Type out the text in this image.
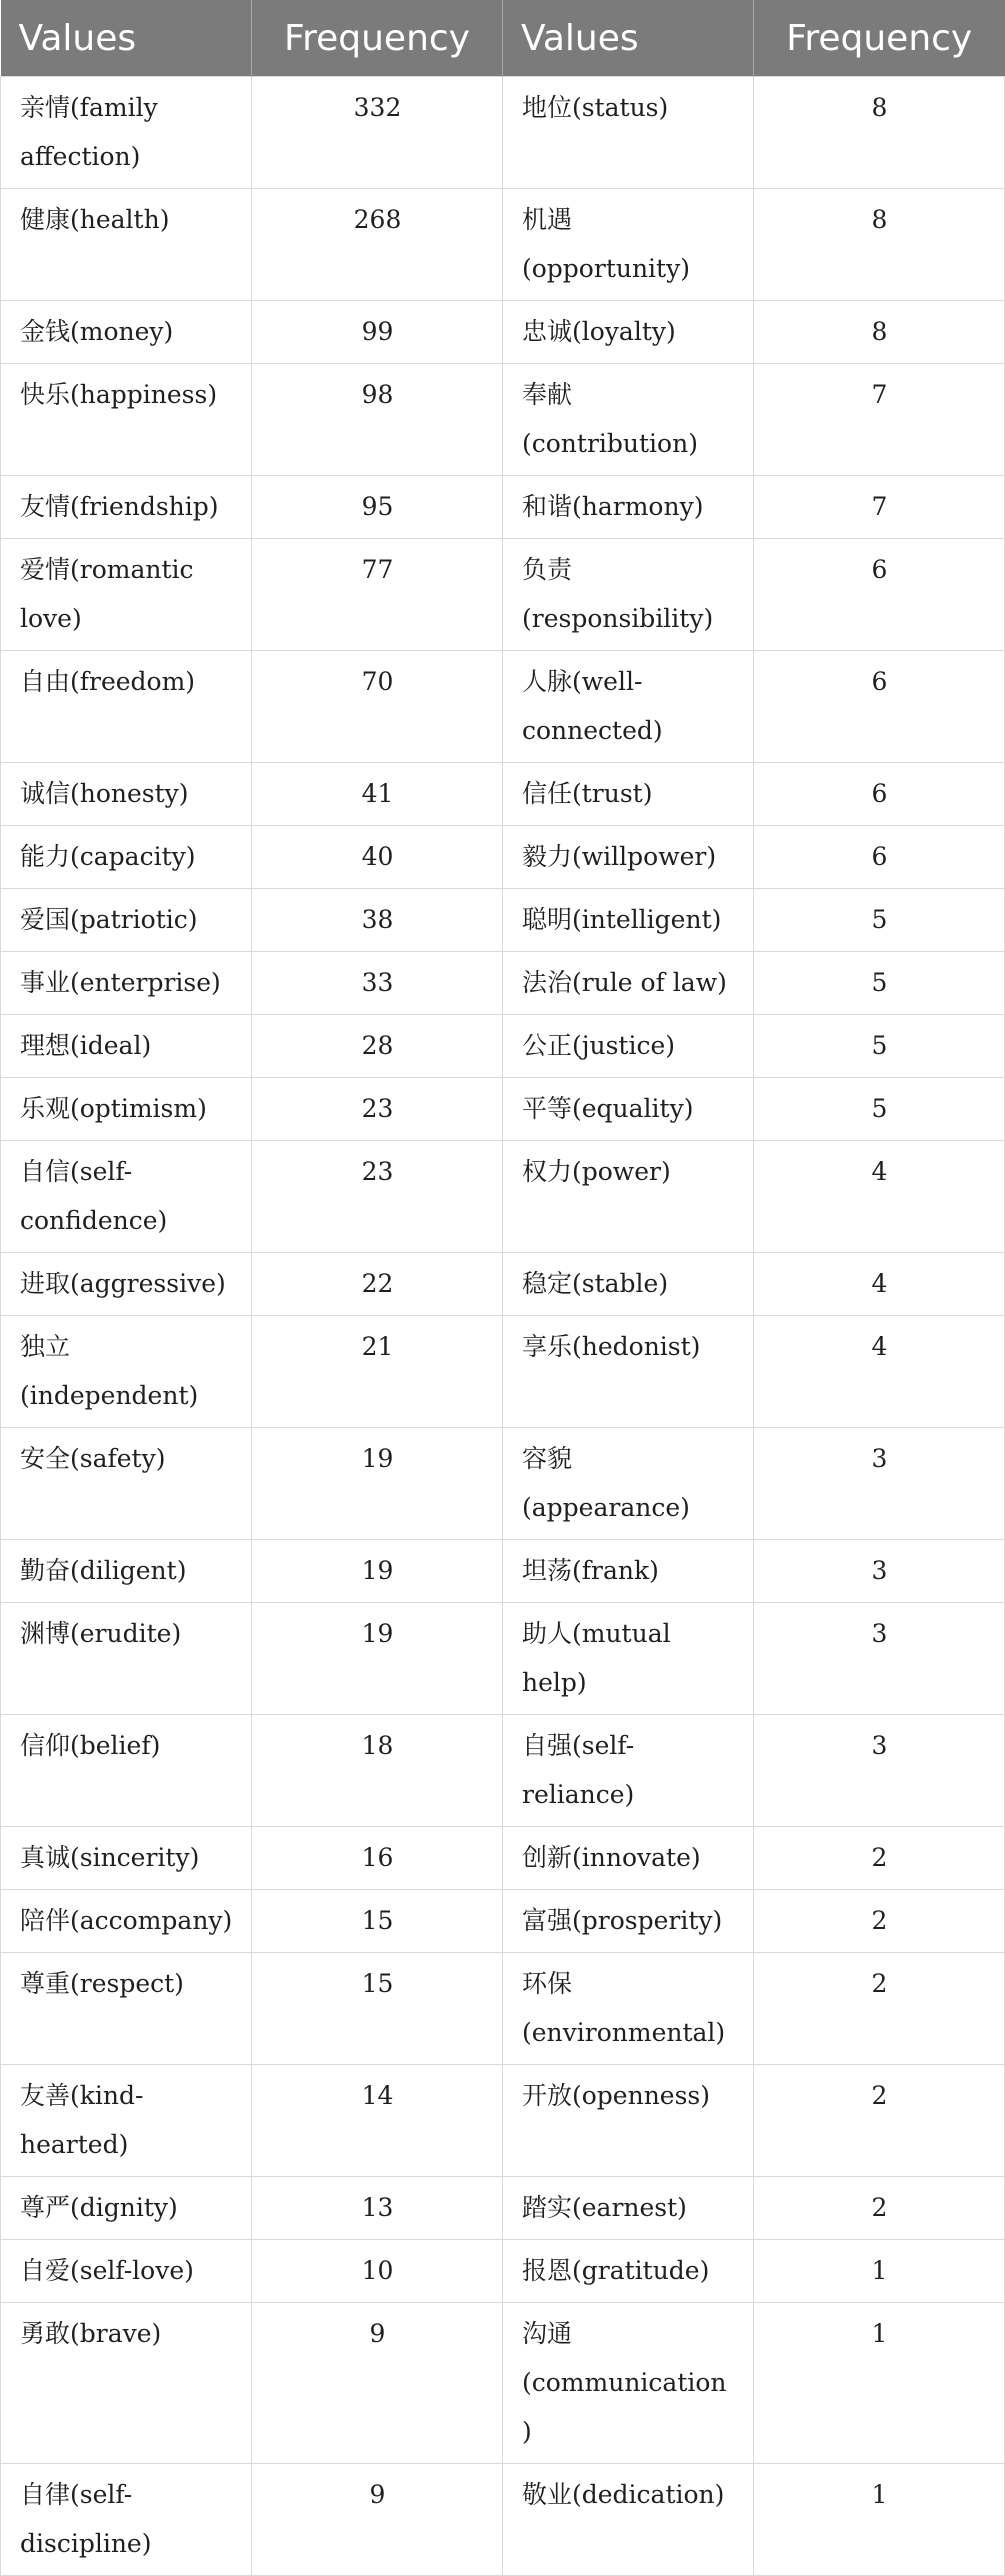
Values	Frequency	Values	Frequency
亲情(family affection)	332	地位(status)	8
健康(health)	268	机遇(opportunity)	8
金钱(money)	99	忠诚(loyalty)	8
快乐(happiness)	98	奉献(contribution)	7
友情(friendship)	95	和谐(harmony)	7
爱情(romantic love)	77	负责(responsibility)	6
自由(freedom)	70	人脉(well-connected)	6
诚信(honesty)	41	信任(trust)	6
能力(capacity)	40	毅力(willpower)	6
爱国(patriotic)	38	聪明(intelligent)	5
事业(enterprise)	33	法治(rule of law)	5
理想(ideal)	28	公正(justice)	5
乐观(optimism)	23	平等(equality)	5
自信(self-confidence)	23	权力(power)	4
进取(aggressive)	22	稳定(stable)	4
独立(independent)	21	享乐(hedonist)	4
安全(safety)	19	容貌(appearance)	3
勤奋(diligent)	19	坦荡(frank)	3
渊博(erudite)	19	助人(mutual help)	3
信仰(belief)	18	自强(self-reliance)	3
真诚(sincerity)	16	创新(innovate)	2
陪伴(accompany)	15	富强(prosperity)	2
尊重(respect)	15	环保(environmental)	2
友善(kind-hearted)	14	开放(openness)	2
尊严(dignity)	13	踏实(earnest)	2
自爱(self-love)	10	报恩(gratitude)	1
勇敢(brave)	9	沟通(communication)	1
自律(self-discipline)	9	敬业(dedication)	1
